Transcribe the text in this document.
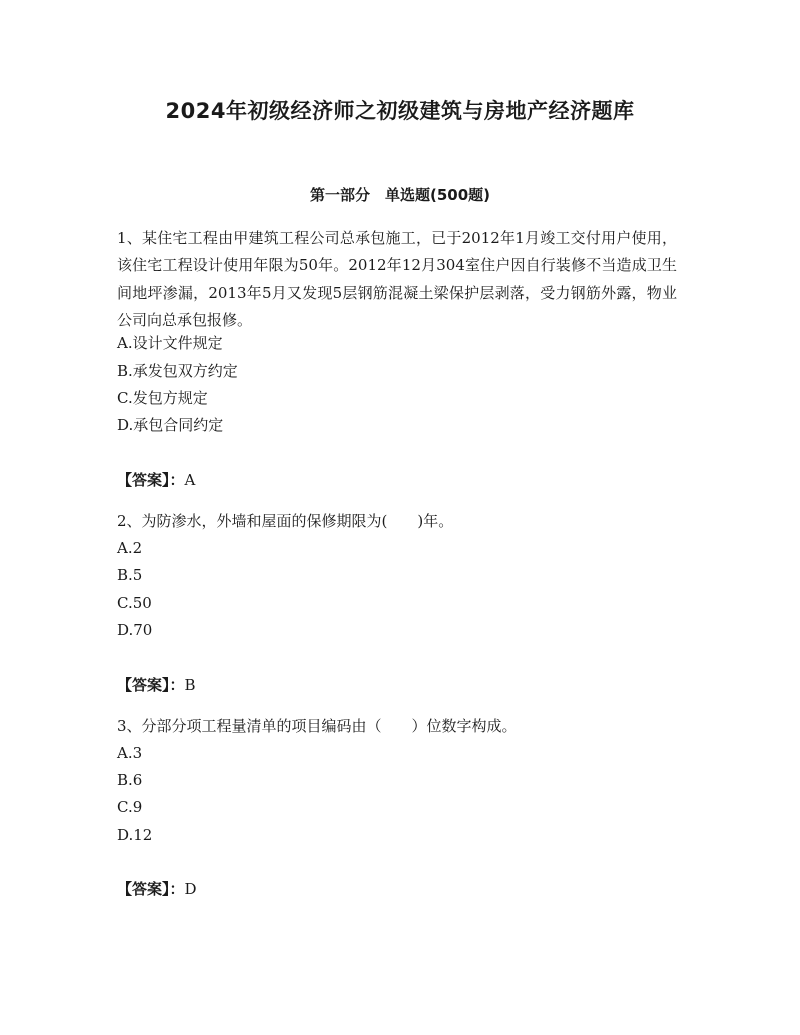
2024年初级经济师之初级建筑与房地产经济题库
第一部分　单选题(500题)
1、某住宅工程由甲建筑工程公司总承包施工，已于2012年1月竣工交付用户使用，该住宅工程设计使用年限为50年。2012年12月304室住户因自行装修不当造成卫生间地坪渗漏，2013年5月又发现5层钢筋混凝土梁保护层剥落，受力钢筋外露，物业公司向总承包报修。
A.设计文件规定
B.承发包双方约定
C.发包方规定
D.承包合同约定
【答案】：A
2、为防渗水，外墙和屋面的保修期限为(　　)年。
A.2
B.5
C.50
D.70
【答案】：B
3、分部分项工程量清单的项目编码由（　　）位数字构成。
A.3
B.6
C.9
D.12
【答案】：D
